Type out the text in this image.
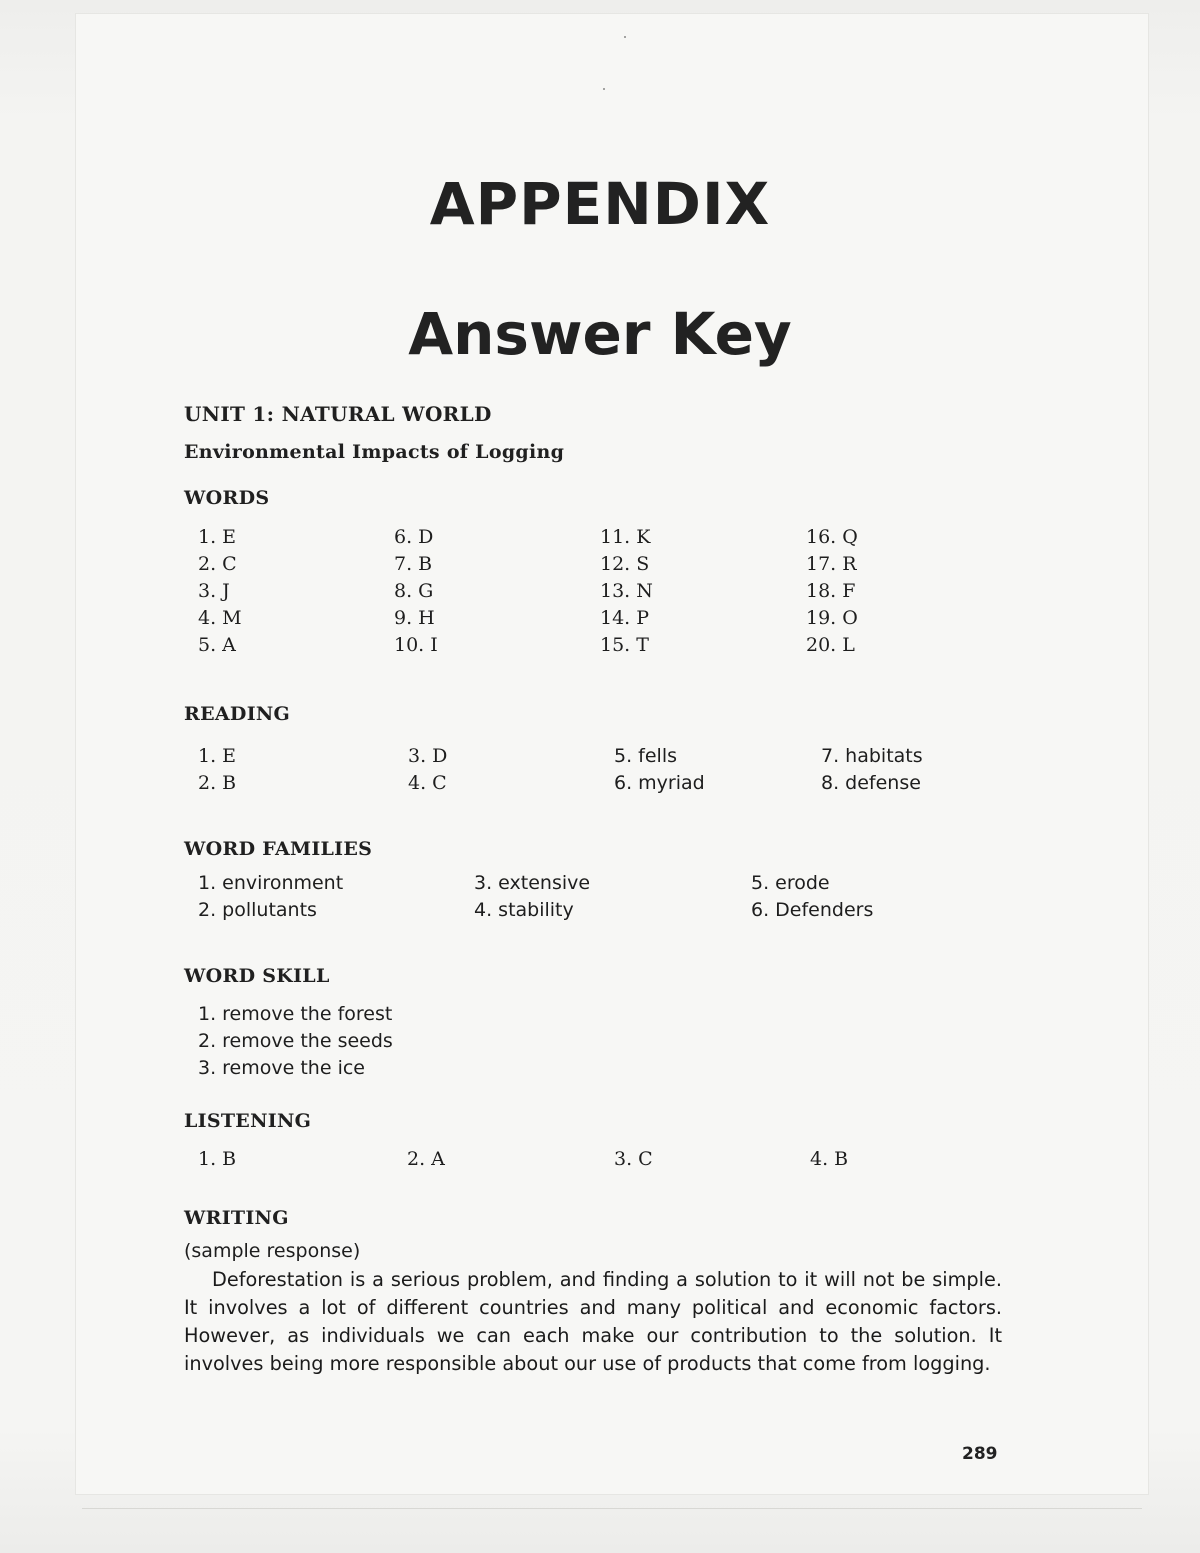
APPENDIX
Answer Key
UNIT 1: NATURAL WORLD
Environmental Impacts of Logging
WORDS
1. E	6. D	11. K	16. Q
2. C	7. B	12. S	17. R
3. J	8. G	13. N	18. F
4. M	9. H	14. P	19. O
5. A	10. I	15. T	20. L
READING
1. E	3. D	5. fells	7. habitats
2. B	4. C	6. myriad	8. defense
WORD FAMILIES
1. environment	3. extensive	5. erode
2. pollutants	4. stability	6. Defenders
WORD SKILL
1. remove the forest
2. remove the seeds
3. remove the ice
LISTENING
1. B	2. A	3. C	4. B
WRITING
(sample response)
Deforestation is a serious problem, and finding a solution to it will not be simple. It involves a lot of different countries and many political and economic factors. However, as individuals we can each make our contribution to the solution. It involves being more responsible about our use of products that come from logging.
289
